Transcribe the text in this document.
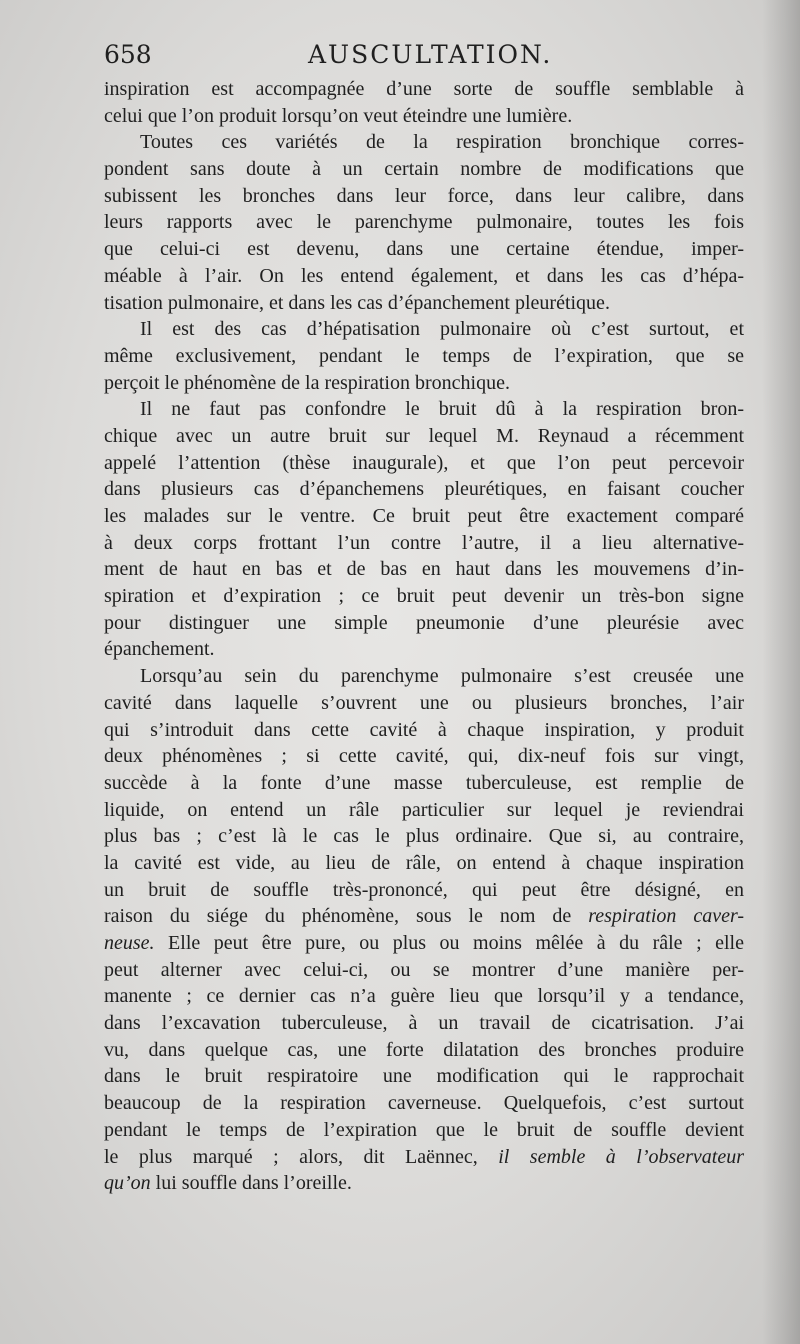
658	AUSCULTATION.
inspiration est accompagnée d’une sorte de souffle semblable à
celui que l’on produit lorsqu’on veut éteindre une lumière.
Toutes ces variétés de la respiration bronchique corres-
pondent sans doute à un certain nombre de modifications que
subissent les bronches dans leur force, dans leur calibre, dans
leurs rapports avec le parenchyme pulmonaire, toutes les fois
que celui-ci est devenu, dans une certaine étendue, imper-
méable à l’air. On les entend également, et dans les cas d’hépa-
tisation pulmonaire, et dans les cas d’épanchement pleurétique.
Il est des cas d’hépatisation pulmonaire où c’est surtout, et
même exclusivement, pendant le temps de l’expiration, que se
perçoit le phénomène de la respiration bronchique.
Il ne faut pas confondre le bruit dû à la respiration bron-
chique avec un autre bruit sur lequel M. Reynaud a récemment
appelé l’attention (thèse inaugurale), et que l’on peut percevoir
dans plusieurs cas d’épanchemens pleurétiques, en faisant coucher
les malades sur le ventre. Ce bruit peut être exactement comparé
à deux corps frottant l’un contre l’autre, il a lieu alternative-
ment de haut en bas et de bas en haut dans les mouvemens d’in-
spiration et d’expiration ; ce bruit peut devenir un très-bon signe
pour distinguer une simple pneumonie d’une pleurésie avec
épanchement.
Lorsqu’au sein du parenchyme pulmonaire s’est creusée une
cavité dans laquelle s’ouvrent une ou plusieurs bronches, l’air
qui s’introduit dans cette cavité à chaque inspiration, y produit
deux phénomènes ; si cette cavité, qui, dix-neuf fois sur vingt,
succède à la fonte d’une masse tuberculeuse, est remplie de
liquide, on entend un râle particulier sur lequel je reviendrai
plus bas ; c’est là le cas le plus ordinaire. Que si, au contraire,
la cavité est vide, au lieu de râle, on entend à chaque inspiration
un bruit de souffle très-prononcé, qui peut être désigné, en
raison du siége du phénomène, sous le nom de respiration caver-
neuse. Elle peut être pure, ou plus ou moins mêlée à du râle ; elle
peut alterner avec celui-ci, ou se montrer d’une manière per-
manente ; ce dernier cas n’a guère lieu que lorsqu’il y a tendance,
dans l’excavation tuberculeuse, à un travail de cicatrisation. J’ai
vu, dans quelque cas, une forte dilatation des bronches produire
dans le bruit respiratoire une modification qui le rapprochait
beaucoup de la respiration caverneuse. Quelquefois, c’est surtout
pendant le temps de l’expiration que le bruit de souffle devient
le plus marqué ; alors, dit Laënnec, il semble à l’observateur
qu’on lui souffle dans l’oreille.
